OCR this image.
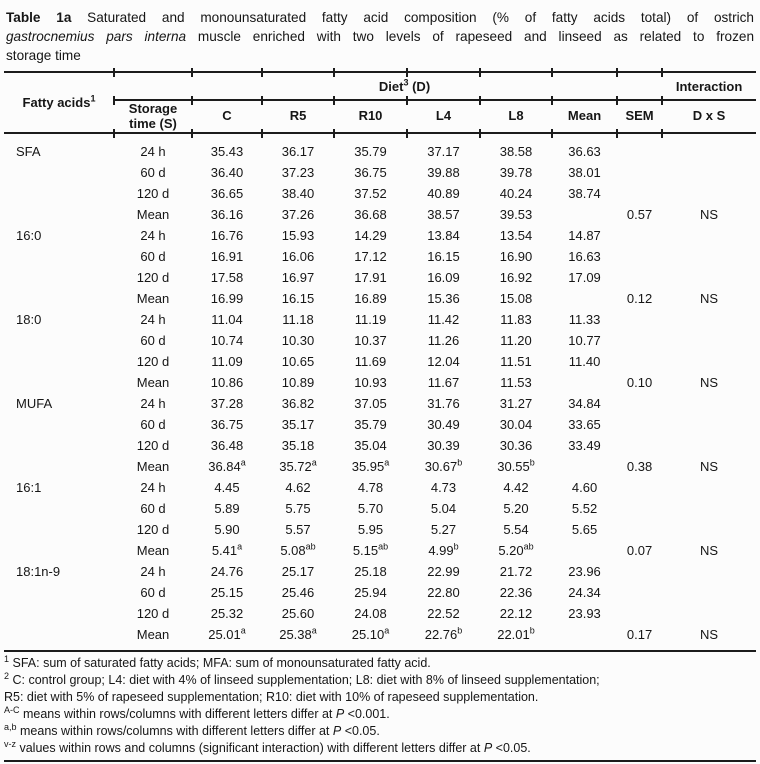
Table 1a Saturated and monounsaturated fatty acid composition (% of fatty acids total) of ostrich
gastrocnemius pars interna muscle enriched with two levels of rapeseed and linseed as related to frozen
storage time
Fatty acids$^1$		Diet$^3$ (D)							Interaction
	Storage time (S)	C	R5	R10	L4	L8	Mean	SEM	D x S
SFA	24 h	35.43	36.17	35.79	37.17	38.58	36.63		
	60 d	36.40	37.23	36.75	39.88	39.78	38.01		
	120 d	36.65	38.40	37.52	40.89	40.24	38.74		
	Mean	36.16	37.26	36.68	38.57	39.53		0.57	NS
16:0	24 h	16.76	15.93	14.29	13.84	13.54	14.87		
	60 d	16.91	16.06	17.12	16.15	16.90	16.63		
	120 d	17.58	16.97	17.91	16.09	16.92	17.09		
	Mean	16.99	16.15	16.89	15.36	15.08		0.12	NS
18:0	24 h	11.04	11.18	11.19	11.42	11.83	11.33		
	60 d	10.74	10.30	10.37	11.26	11.20	10.77		
	120 d	11.09	10.65	11.69	12.04	11.51	11.40		
	Mean	10.86	10.89	10.93	11.67	11.53		0.10	NS
MUFA	24 h	37.28	36.82	37.05	31.76	31.27	34.84		
	60 d	36.75	35.17	35.79	30.49	30.04	33.65		
	120 d	36.48	35.18	35.04	30.39	30.36	33.49		
	Mean	36.84$^a$	35.72$^a$	35.95$^a$	30.67$^b$	30.55$^b$		0.38	NS
16:1	24 h	4.45	4.62	4.78	4.73	4.42	4.60		
	60 d	5.89	5.75	5.70	5.04	5.20	5.52		
	120 d	5.90	5.57	5.95	5.27	5.54	5.65		
	Mean	5.41$^a$	5.08$^{ab}$	5.15$^{ab}$	4.99$^b$	5.20$^{ab}$		0.07	NS
18:1n-9	24 h	24.76	25.17	25.18	22.99	21.72	23.96		
	60 d	25.15	25.46	25.94	22.80	22.36	24.34		
	120 d	25.32	25.60	24.08	22.52	22.12	23.93		
	Mean	25.01$^a$	25.38$^a$	25.10$^a$	22.76$^b$	22.01$^b$		0.17	NS
$^1$ SFA: sum of saturated fatty acids; MFA: sum of monounsaturated fatty acid.
$^2$ C: control group; L4: diet with 4% of linseed supplementation; L8: diet with 8% of linseed supplementation;
R5: diet with 5% of rapeseed supplementation; R10: diet with 10% of rapeseed supplementation.
$^{A-C}$ means within rows/columns with different letters differ at P <0.001.
$^{a,b}$ means within rows/columns with different letters differ at P <0.05.
$^{v-z}$ values within rows and columns (significant interaction) with different letters differ at P <0.05.
